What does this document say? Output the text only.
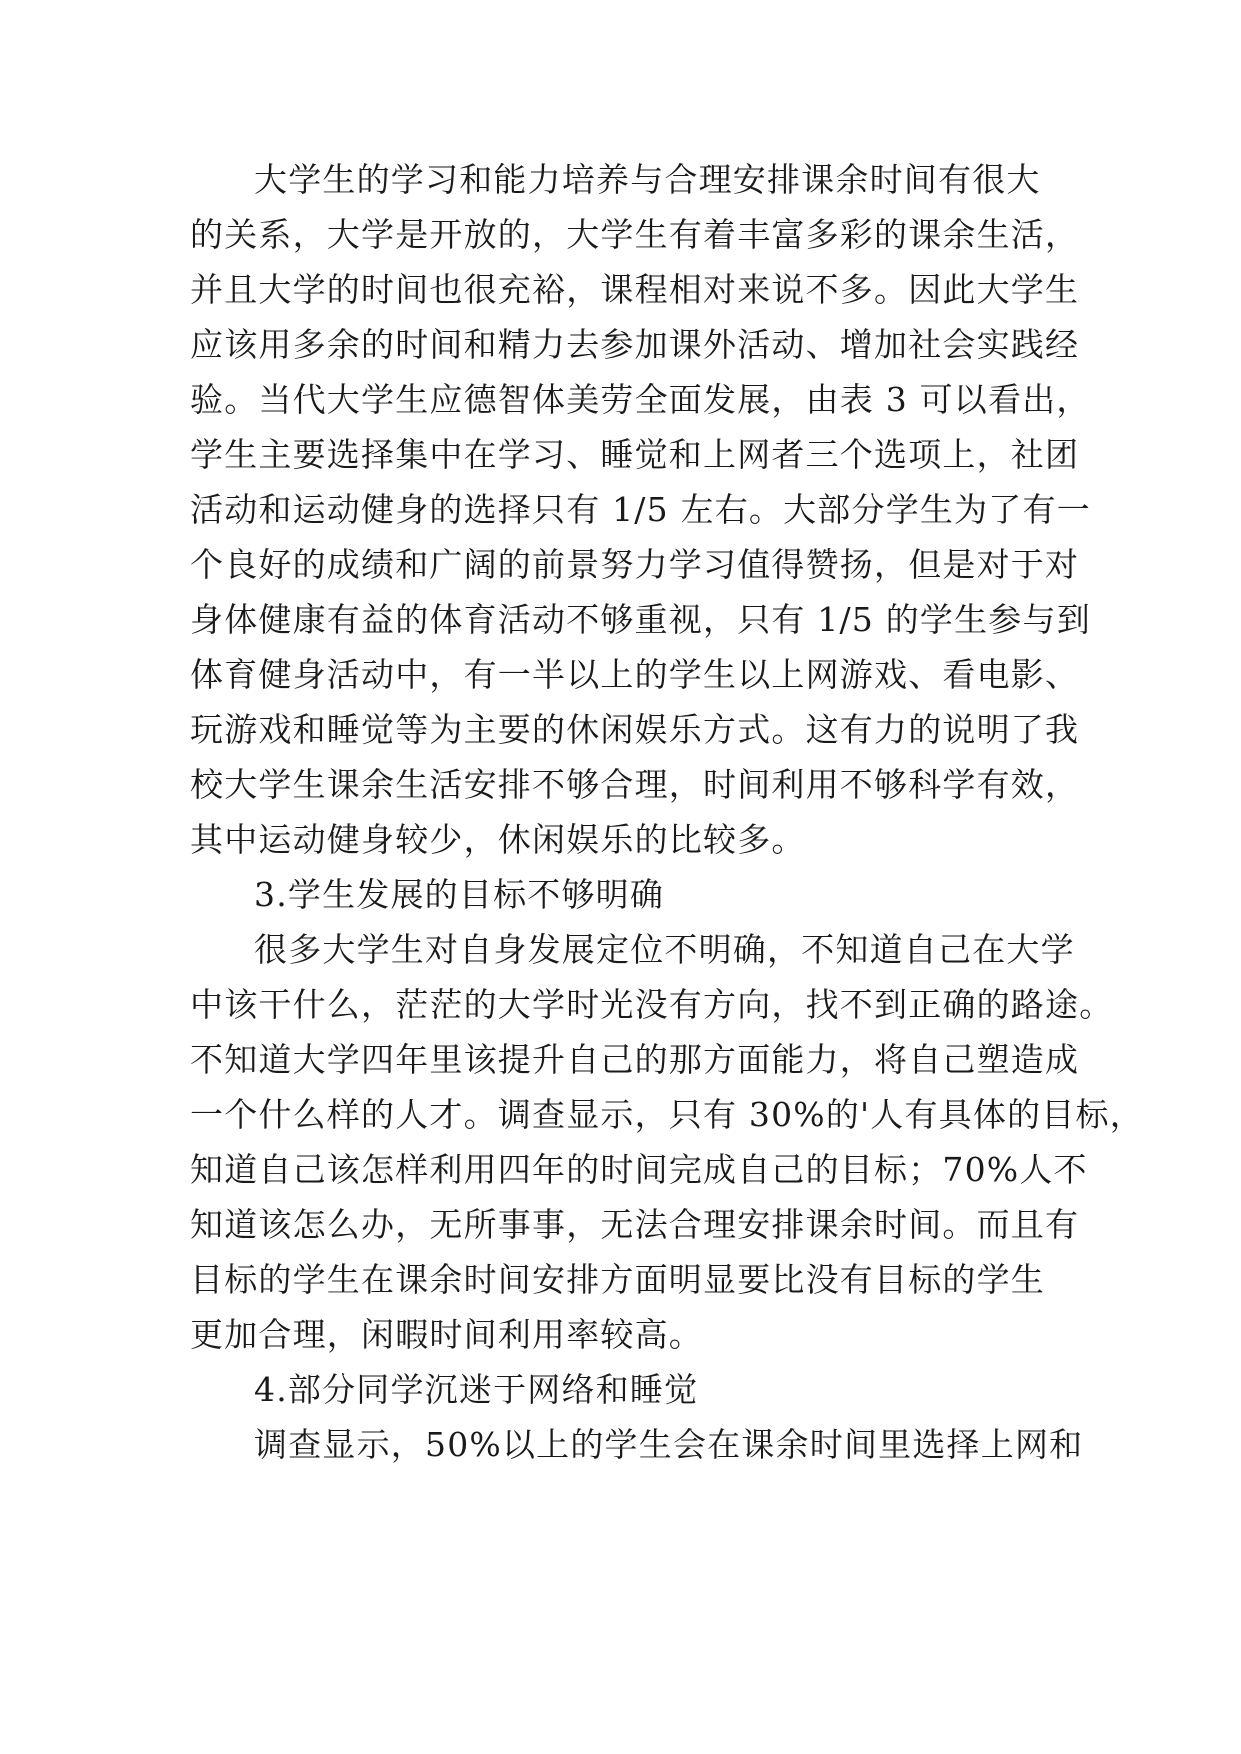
大学生的学习和能力培养与合理安排课余时间有很大
的关系，大学是开放的，大学生有着丰富多彩的课余生活，
并且大学的时间也很充裕，课程相对来说不多。因此大学生
应该用多余的时间和精力去参加课外活动、增加社会实践经
验。当代大学生应德智体美劳全面发展，由表 3 可以看出，
学生主要选择集中在学习、睡觉和上网者三个选项上，社团
活动和运动健身的选择只有 1/5 左右。大部分学生为了有一
个良好的成绩和广阔的前景努力学习值得赞扬，但是对于对
身体健康有益的体育活动不够重视，只有 1/5 的学生参与到
体育健身活动中，有一半以上的学生以上网游戏、看电影、
玩游戏和睡觉等为主要的休闲娱乐方式。这有力的说明了我
校大学生课余生活安排不够合理，时间利用不够科学有效，
其中运动健身较少，休闲娱乐的比较多。
3.学生发展的目标不够明确
很多大学生对自身发展定位不明确，不知道自己在大学
中该干什么，茫茫的大学时光没有方向，找不到正确的路途。
不知道大学四年里该提升自己的那方面能力，将自己塑造成
一个什么样的人才。调查显示，只有 30%的'人有具体的目标，
知道自己该怎样利用四年的时间完成自己的目标；70%人不
知道该怎么办，无所事事，无法合理安排课余时间。而且有
目标的学生在课余时间安排方面明显要比没有目标的学生
更加合理，闲暇时间利用率较高。
4.部分同学沉迷于网络和睡觉
调查显示，50%以上的学生会在课余时间里选择上网和
